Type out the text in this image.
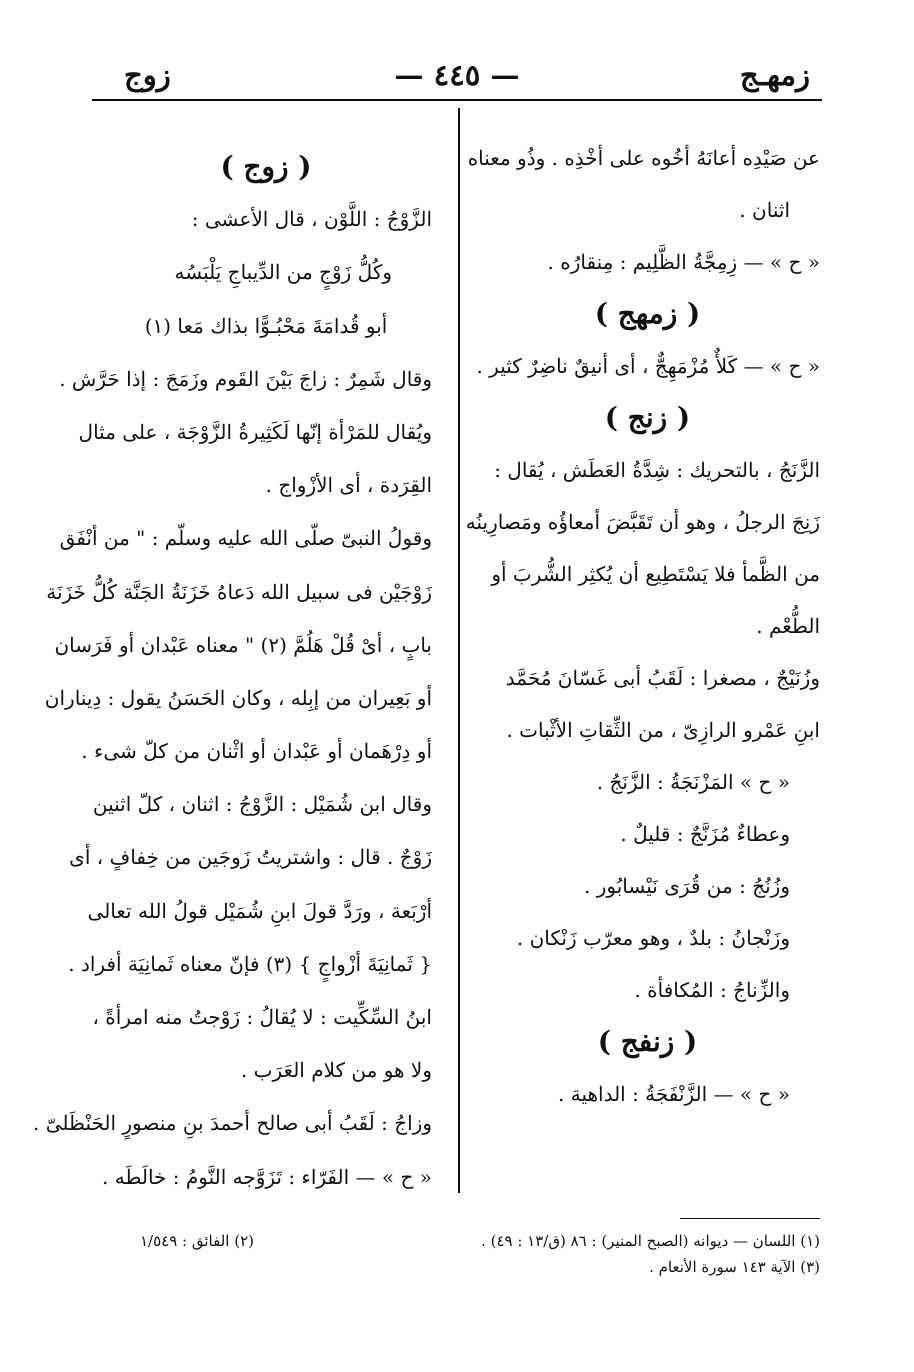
زمهـج
— ٤٤٥ —
زوج
عن صَيْدِه أعانَهُ أخُوه على أخْذِه . وذُو معناه
اثنان .
« ح » — زِمِجَّةُ الظَّلِيم : مِنقارُه .
( زمهج )
« ح » — كَلأٌ مُزْمَهِجٌّ ، أى أنيقٌ ناضِرٌ كثير .
( زنج )
الزَّنَجُ ، بالتحريك : شِدَّةُ العَطَش ، يُقال :
زَنِجَ الرجلُ ، وهو أن تَقَبَّضَ أمعاؤُه ومَصارِينُه
من الظَّمأ فلا يَسْتَطِيع أن يُكثِر الشُّربَ أو
الطُّعْم .
وزُنَيْجٌ ، مصغرا : لَقَبُ أبى غَسّانَ مُحَمَّد
ابنِ عَمْرو الرازِىّ ، من الثِّقاتِ الأثْبات .
« ح » المَزْنَجَةُ : الزَّنَجُ .
وعطاءٌ مُزَنَّجٌ : قليلٌ .
وزُنُجُ : من قُرَى نَيْسابُور .
وزَنْجانُ : بلدٌ ، وهو معرّب زَنْكان .
والزِّناجُ : المُكافأة .
( زنفج )
« ح » — الزَّنْفَجَةُ : الداهية .
( زوج )
الزَّوْجُ : اللَّوْن ، قال الأعشى :
وكُلُّ زَوْجٍ من الدِّيباجِ يَلْبَسُه
أبو قُدامَةَ مَحْبُـوًّا بذاك مَعا (١)
وقال شَمِرٌ : زاجَ بَيْنَ القَوم وزَمَجَ : إذا حَرَّش .
ويُقال للمَرْأة إنّها لَكَثِيرةُ الزَّوْجَة ، على مثال
القِرَدة ، أى الأزْواج .
وقولُ النبىّ صلّى الله عليه وسلّم : " من أنْفَق
زَوْجَيْن فى سبيل الله دَعاهُ خَزَنَةُ الجَنَّة كُلُّ خَزَنَة
بابٍ ، أىْ قُلْ هَلُمَّ (٢) " معناه عَبْدان أو فَرَسان
أو بَعِيران من إبِله ، وكان الحَسَنُ يقول : دِيناران
أو دِرْهَمان أو عَبْدان أو اثْنان من كلّ شىء .
وقال ابن شُمَيْل : الزَّوْجُ : اثنان ، كلّ اثنين
زَوْجٌ . قال : واشتريتُ زَوجَين من خِفافٍ ، أى
أرْبَعة ، ورَدَّ قولَ ابنِ شُمَيْل قولُ الله تعالى
{ ثَمانِيَةَ أزْواجٍ } (٣) فإنّ معناه ثَمانِيَة أفراد .
ابنُ السِّكِّيت : لا يُقالُ : زَوْجتُ منه امرأةً ،
ولا هو من كلام العَرَب .
وزاجُ : لَقَبُ أبى صالح أحمدَ بنِ منصورٍ الحَنْظَلىّ .
« ح » — الفَرّاء : تَزَوَّجه النَّومُ : خالَطَه .
(١) اللسان — ديوانه (الصبح المنير) : ٨٦ (ق/١٣ : ٤٩) .
(٢) الفائق : ١/٥٤٩
(٣) الآية ١٤٣ سورة الأنعام .
